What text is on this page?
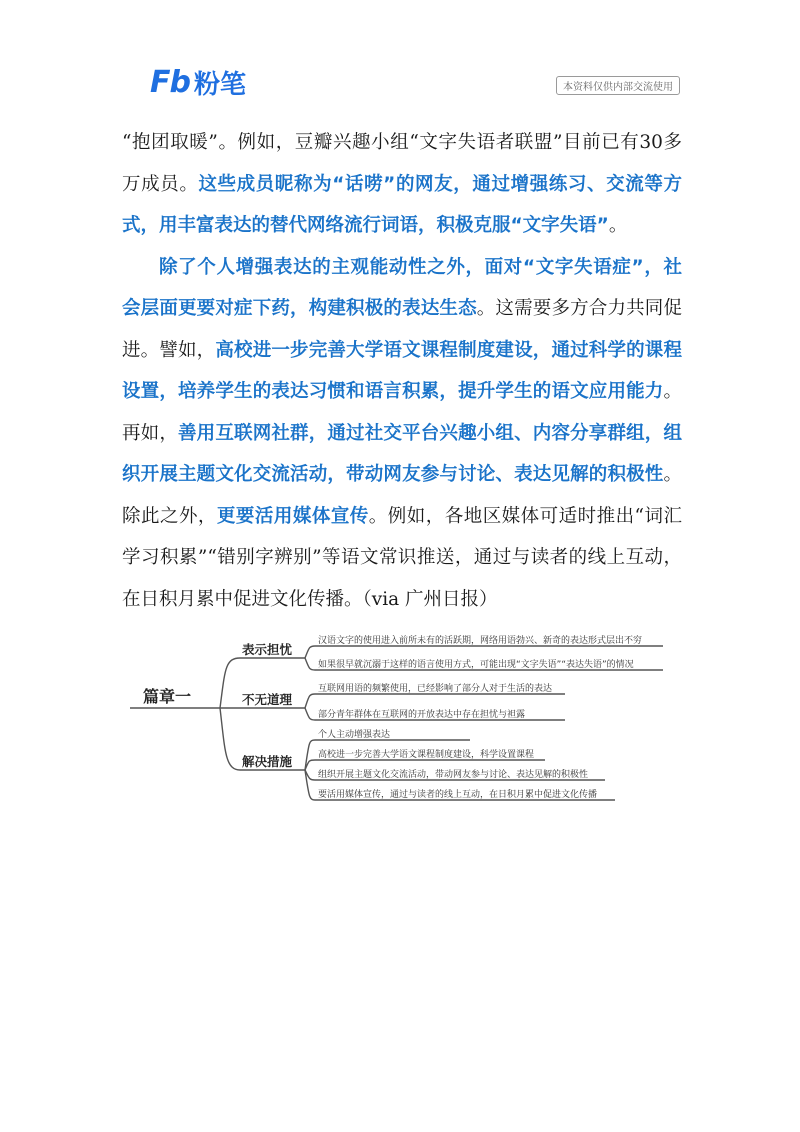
Fb 粉笔	本资料仅供内部交流使用

“抱团取暖”。例如，豆瓣兴趣小组“文字失语者联盟”目前已有30多万成员。这些成员昵称为“话唠”的网友，通过增强练习、交流等方式，用丰富表达的替代网络流行词语，积极克服“文字失语”。

除了个人增强表达的主观能动性之外，面对“文字失语症”，社会层面更要对症下药，构建积极的表达生态。这需要多方合力共同促进。譬如，高校进一步完善大学语文课程制度建设，通过科学的课程设置，培养学生的表达习惯和语言积累，提升学生的语文应用能力。再如，善用互联网社群，通过社交平台兴趣小组、内容分享群组，组织开展主题文化交流活动，带动网友参与讨论、表达见解的积极性。除此之外，更要活用媒体宣传。例如，各地区媒体可适时推出“词汇学习积累”“错别字辨别”等语文常识推送，通过与读者的线上互动，在日积月累中促进文化传播。（via 广州日报）

篇章一
表示担忧
不无道理
解决措施
汉语文字的使用进入前所未有的活跃期，网络用语勃兴、新奇的表达形式层出不穷
如果很早就沉溺于这样的语言使用方式，可能出现“文字失语”“表达失语”的情况
互联网用语的频繁使用，已经影响了部分人对于生活的表达
部分青年群体在互联网的开放表达中存在担忧与袒露
个人主动增强表达
高校进一步完善大学语文课程制度建设，科学设置课程
组织开展主题文化交流活动，带动网友参与讨论、表达见解的积极性
要活用媒体宣传，通过与读者的线上互动，在日积月累中促进文化传播
